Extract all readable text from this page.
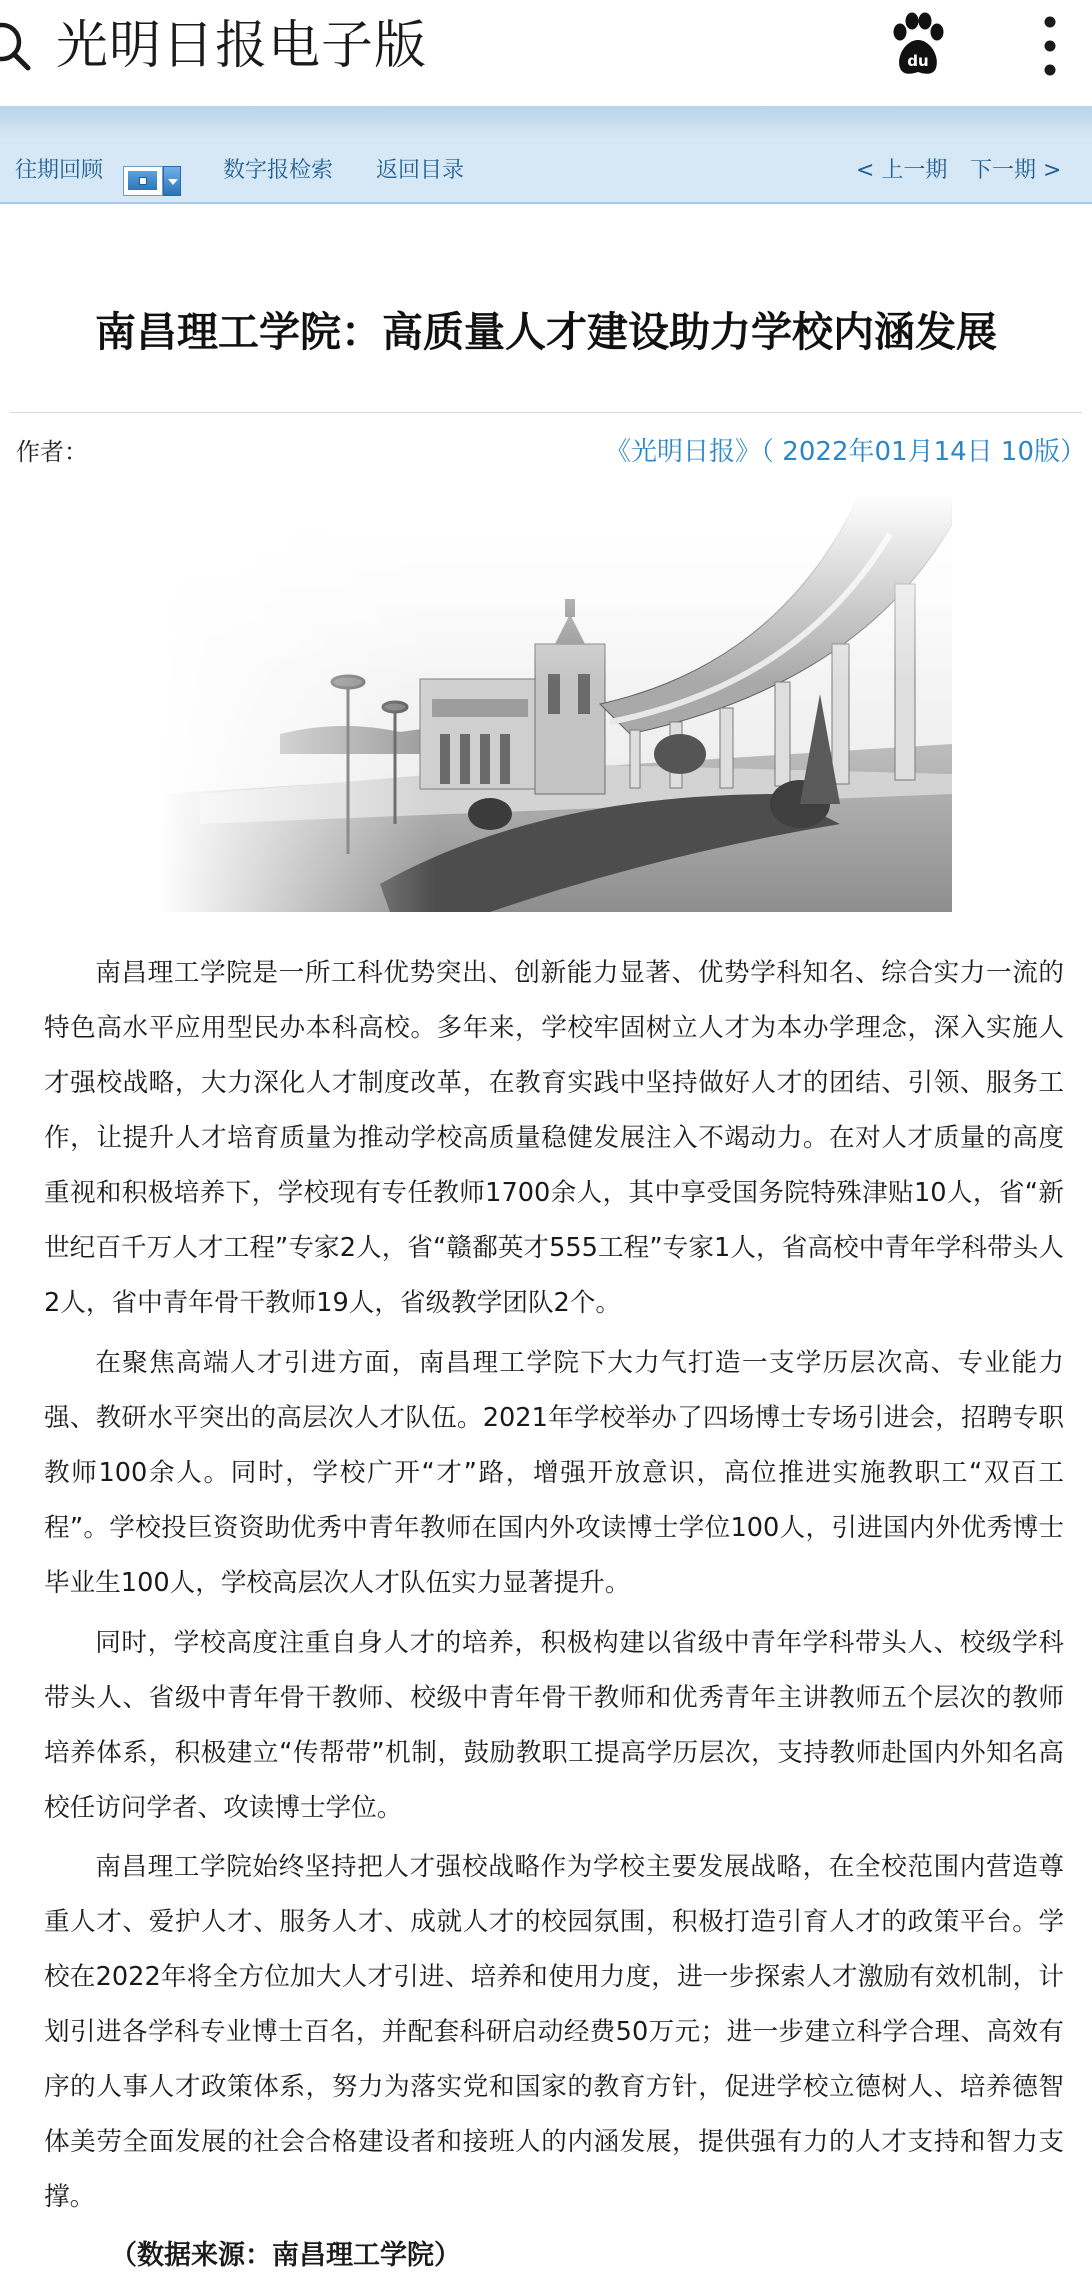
光明日报电子版	du
往期回顾	数字报检索 返回目录	< 上一期 下一期 >
南昌理工学院：高质量人才建设助力学校内涵发展
作者：	《光明日报》（ 2022年01月14日 10版）

南昌理工学院是一所工科优势突出、创新能力显著、优势学科知名、综合实力一流的特色高水平应用型民办本科高校。多年来，学校牢固树立人才为本办学理念，深入实施人才强校战略，大力深化人才制度改革，在教育实践中坚持做好人才的团结、引领、服务工作，让提升人才培育质量为推动学校高质量稳健发展注入不竭动力。在对人才质量的高度重视和积极培养下，学校现有专任教师1700余人，其中享受国务院特殊津贴10人，省“新世纪百千万人才工程”专家2人，省“赣鄱英才555工程”专家1人，省高校中青年学科带头人2人，省中青年骨干教师19人，省级教学团队2个。

在聚焦高端人才引进方面，南昌理工学院下大力气打造一支学历层次高、专业能力强、教研水平突出的高层次人才队伍。2021年学校举办了四场博士专场引进会，招聘专职教师100余人。同时，学校广开“才”路，增强开放意识，高位推进实施教职工“双百工程”。学校投巨资资助优秀中青年教师在国内外攻读博士学位100人，引进国内外优秀博士毕业生100人，学校高层次人才队伍实力显著提升。

同时，学校高度注重自身人才的培养，积极构建以省级中青年学科带头人、校级学科带头人、省级中青年骨干教师、校级中青年骨干教师和优秀青年主讲教师五个层次的教师培养体系，积极建立“传帮带”机制，鼓励教职工提高学历层次，支持教师赴国内外知名高校任访问学者、攻读博士学位。

南昌理工学院始终坚持把人才强校战略作为学校主要发展战略，在全校范围内营造尊重人才、爱护人才、服务人才、成就人才的校园氛围，积极打造引育人才的政策平台。学校在2022年将全方位加大人才引进、培养和使用力度，进一步探索人才激励有效机制，计划引进各学科专业博士百名，并配套科研启动经费50万元；进一步建立科学合理、高效有序的人事人才政策体系，努力为落实党和国家的教育方针，促进学校立德树人、培养德智体美劳全面发展的社会合格建设者和接班人的内涵发展，提供强有力的人才支持和智力支撑。

（数据来源：南昌理工学院）
